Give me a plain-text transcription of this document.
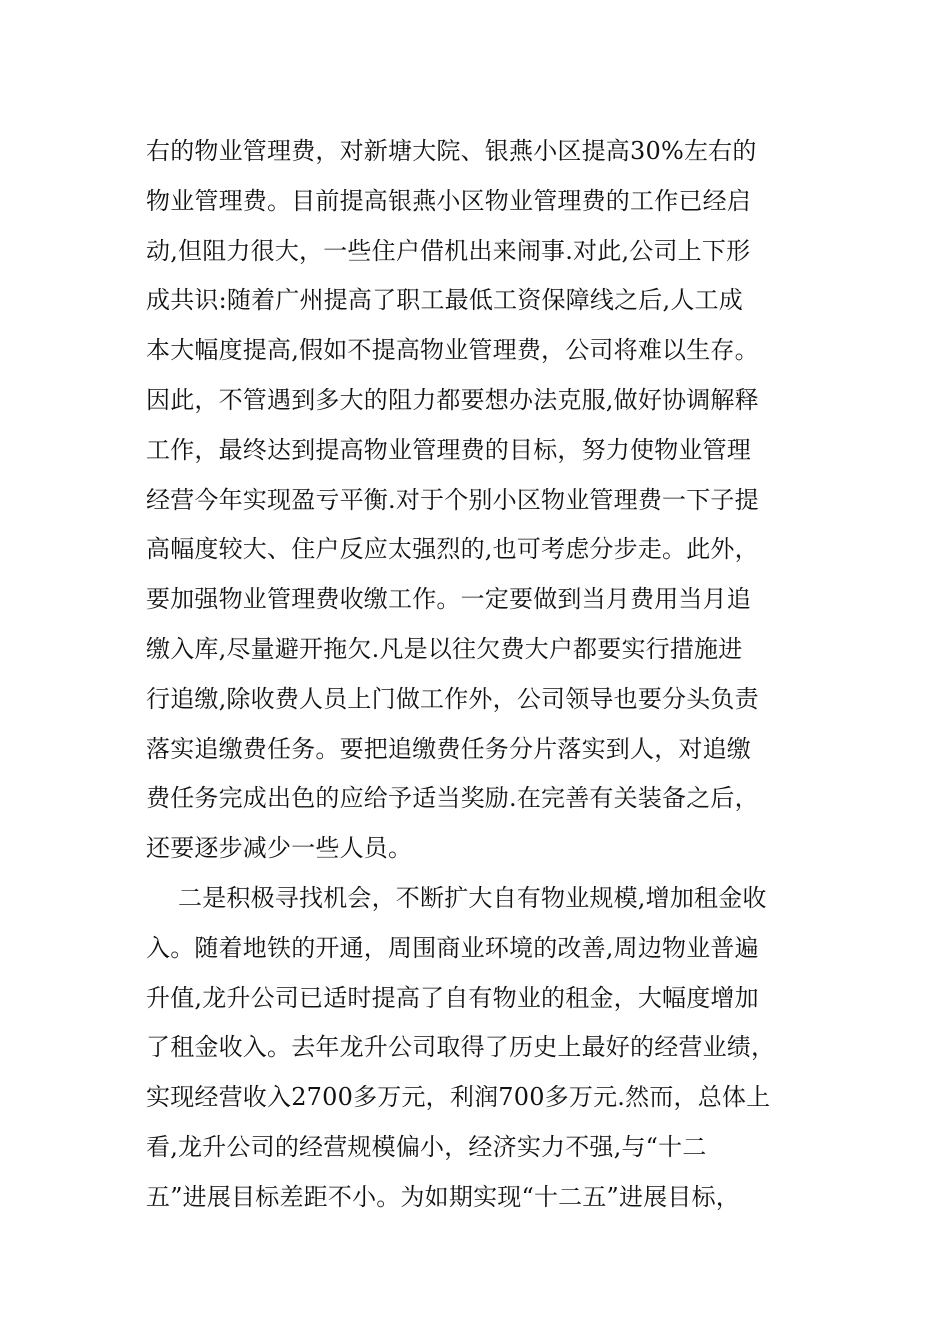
右的物业管理费，对新塘大院、银燕小区提高30%左右的
物业管理费。目前提高银燕小区物业管理费的工作已经启
动,但阻力很大，一些住户借机出来闹事.对此,公司上下形
成共识:随着广州提高了职工最低工资保障线之后,人工成
本大幅度提高,假如不提高物业管理费，公司将难以生存。
因此，不管遇到多大的阻力都要想办法克服,做好协调解释
工作，最终达到提高物业管理费的目标，努力使物业管理
经营今年实现盈亏平衡.对于个别小区物业管理费一下子提
高幅度较大、住户反应太强烈的,也可考虑分步走。此外，
要加强物业管理费收缴工作。一定要做到当月费用当月追
缴入库,尽量避开拖欠.凡是以往欠费大户都要实行措施进
行追缴,除收费人员上门做工作外，公司领导也要分头负责
落实追缴费任务。要把追缴费任务分片落实到人，对追缴
费任务完成出色的应给予适当奖励.在完善有关装备之后，
还要逐步减少一些人员。
二是积极寻找机会，不断扩大自有物业规模,增加租金收
入。随着地铁的开通，周围商业环境的改善,周边物业普遍
升值,龙升公司已适时提高了自有物业的租金，大幅度增加
了租金收入。去年龙升公司取得了历史上最好的经营业绩，
实现经营收入2700多万元，利润700多万元.然而，总体上
看,龙升公司的经营规模偏小，经济实力不强,与“十二
五”进展目标差距不小。为如期实现“十二五”进展目标，
